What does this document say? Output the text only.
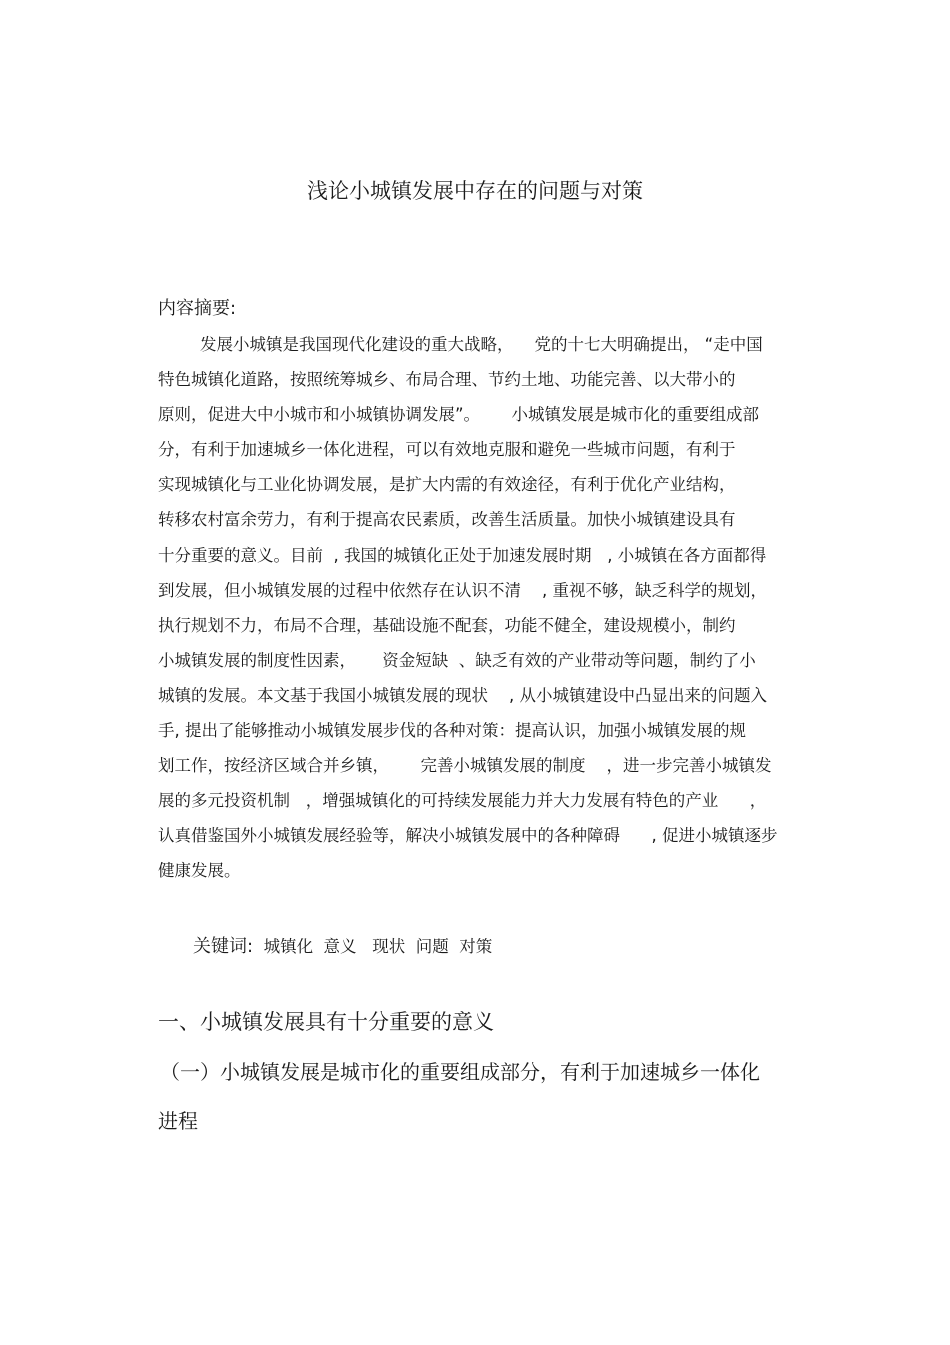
浅论小城镇发展中存在的问题与对策

内容摘要:

发展小城镇是我国现代化建设的重大战略，    党的十七大明确提出， “走中国

特色城镇化道路，按照统筹城乡、布局合理、节约土地、功能完善、以大带小的

原则，促进大中小城市和小城镇协调发展”。      小城镇发展是城市化的重要组成部

分，有利于加速城乡一体化进程，可以有效地克服和避免一些城市问题，有利于

实现城镇化与工业化协调发展，是扩大内需的有效途径，有利于优化产业结构，

转移农村富余劳力，有利于提高农民素质，改善生活质量。加快小城镇建设具有

十分重要的意义。目前  , 我国的城镇化正处于加速发展时期   , 小城镇在各方面都得

到发展，但小城镇发展的过程中依然存在认识不清    , 重视不够，缺乏科学的规划，

执行规划不力，布局不合理，基础设施不配套，功能不健全，建设规模小，制约

小城镇发展的制度性因素，     资金短缺  、缺乏有效的产业带动等问题，制约了小

城镇的发展。本文基于我国小城镇发展的现状    , 从小城镇建设中凸显出来的问题入

手, 提出了能够推动小城镇发展步伐的各种对策：提高认识，加强小城镇发展的规

划工作，按经济区域合并乡镇，      完善小城镇发展的制度    ，进一步完善小城镇发

展的多元投资机制   ，增强城镇化的可持续发展能力并大力发展有特色的产业      ，

认真借鉴国外小城镇发展经验等，解决小城镇发展中的各种障碍      , 促进小城镇逐步

健康发展。

关键词:  城镇化  意义   现状  问题  对策

一、小城镇发展具有十分重要的意义

（一）小城镇发展是城市化的重要组成部分，有利于加速城乡一体化

进程
